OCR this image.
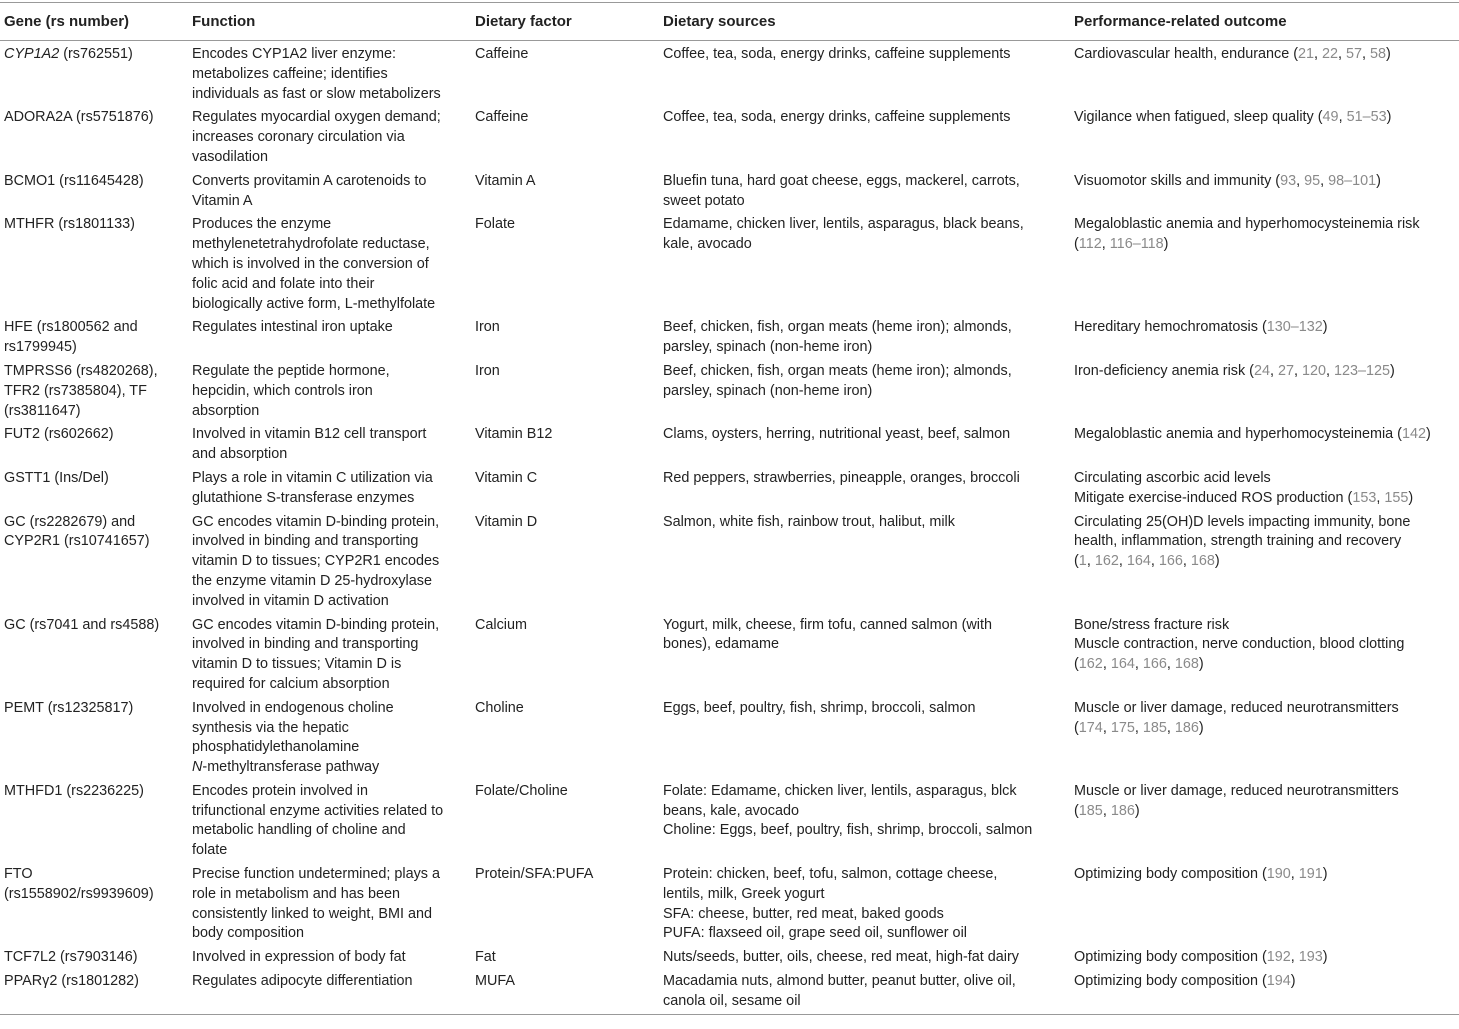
Gene (rs number)	Function	Dietary factor	Dietary sources	Performance-related outcome

CYP1A2 (rs762551)	Encodes CYP1A2 liver enzyme:
metabolizes caffeine; identifies
individuals as fast or slow metabolizers	Caffeine	Coffee, tea, soda, energy drinks, caffeine supplements	Cardiovascular health, endurance (21, 22, 57, 58)

ADORA2A (rs5751876)	Regulates myocardial oxygen demand;
increases coronary circulation via
vasodilation	Caffeine	Coffee, tea, soda, energy drinks, caffeine supplements	Vigilance when fatigued, sleep quality (49, 51–53)

BCMO1 (rs11645428)	Converts provitamin A carotenoids to
Vitamin A	Vitamin A	Bluefin tuna, hard goat cheese, eggs, mackerel, carrots,
sweet potato	Visuomotor skills and immunity (93, 95, 98–101)

MTHFR (rs1801133)	Produces the enzyme
methylenetetrahydrofolate reductase,
which is involved in the conversion of
folic acid and folate into their
biologically active form, L-methylfolate	Folate	Edamame, chicken liver, lentils, asparagus, black beans,
kale, avocado	Megaloblastic anemia and hyperhomocysteinemia risk
(112, 116–118)

HFE (rs1800562 and
rs1799945)	Regulates intestinal iron uptake	Iron	Beef, chicken, fish, organ meats (heme iron); almonds,
parsley, spinach (non-heme iron)	Hereditary hemochromatosis (130–132)

TMPRSS6 (rs4820268),
TFR2 (rs7385804), TF
(rs3811647)	Regulate the peptide hormone,
hepcidin, which controls iron
absorption	Iron	Beef, chicken, fish, organ meats (heme iron); almonds,
parsley, spinach (non-heme iron)	Iron-deficiency anemia risk (24, 27, 120, 123–125)

FUT2 (rs602662)	Involved in vitamin B12 cell transport
and absorption	Vitamin B12	Clams, oysters, herring, nutritional yeast, beef, salmon	Megaloblastic anemia and hyperhomocysteinemia (142)

GSTT1 (Ins/Del)	Plays a role in vitamin C utilization via
glutathione S-transferase enzymes	Vitamin C	Red peppers, strawberries, pineapple, oranges, broccoli	Circulating ascorbic acid levels
Mitigate exercise-induced ROS production (153, 155)

GC (rs2282679) and
CYP2R1 (rs10741657)	GC encodes vitamin D-binding protein,
involved in binding and transporting
vitamin D to tissues; CYP2R1 encodes
the enzyme vitamin D 25-hydroxylase
involved in vitamin D activation	Vitamin D	Salmon, white fish, rainbow trout, halibut, milk	Circulating 25(OH)D levels impacting immunity, bone
health, inflammation, strength training and recovery
(1, 162, 164, 166, 168)

GC (rs7041 and rs4588)	GC encodes vitamin D-binding protein,
involved in binding and transporting
vitamin D to tissues; Vitamin D is
required for calcium absorption	Calcium	Yogurt, milk, cheese, firm tofu, canned salmon (with
bones), edamame	Bone/stress fracture risk
Muscle contraction, nerve conduction, blood clotting
(162, 164, 166, 168)

PEMT (rs12325817)	Involved in endogenous choline
synthesis via the hepatic
phosphatidylethanolamine
N-methyltransferase pathway	Choline	Eggs, beef, poultry, fish, shrimp, broccoli, salmon	Muscle or liver damage, reduced neurotransmitters
(174, 175, 185, 186)

MTHFD1 (rs2236225)	Encodes protein involved in
trifunctional enzyme activities related to
metabolic handling of choline and
folate	Folate/Choline	Folate: Edamame, chicken liver, lentils, asparagus, blck
beans, kale, avocado
Choline: Eggs, beef, poultry, fish, shrimp, broccoli, salmon	Muscle or liver damage, reduced neurotransmitters
(185, 186)

FTO
(rs1558902/rs9939609)	Precise function undetermined; plays a
role in metabolism and has been
consistently linked to weight, BMI and
body composition	Protein/SFA:PUFA	Protein: chicken, beef, tofu, salmon, cottage cheese,
lentils, milk, Greek yogurt
SFA: cheese, butter, red meat, baked goods
PUFA: flaxseed oil, grape seed oil, sunflower oil	Optimizing body composition (190, 191)

TCF7L2 (rs7903146)	Involved in expression of body fat	Fat	Nuts/seeds, butter, oils, cheese, red meat, high-fat dairy	Optimizing body composition (192, 193)

PPARγ2 (rs1801282)	Regulates adipocyte differentiation	MUFA	Macadamia nuts, almond butter, peanut butter, olive oil,
canola oil, sesame oil	Optimizing body composition (194)
